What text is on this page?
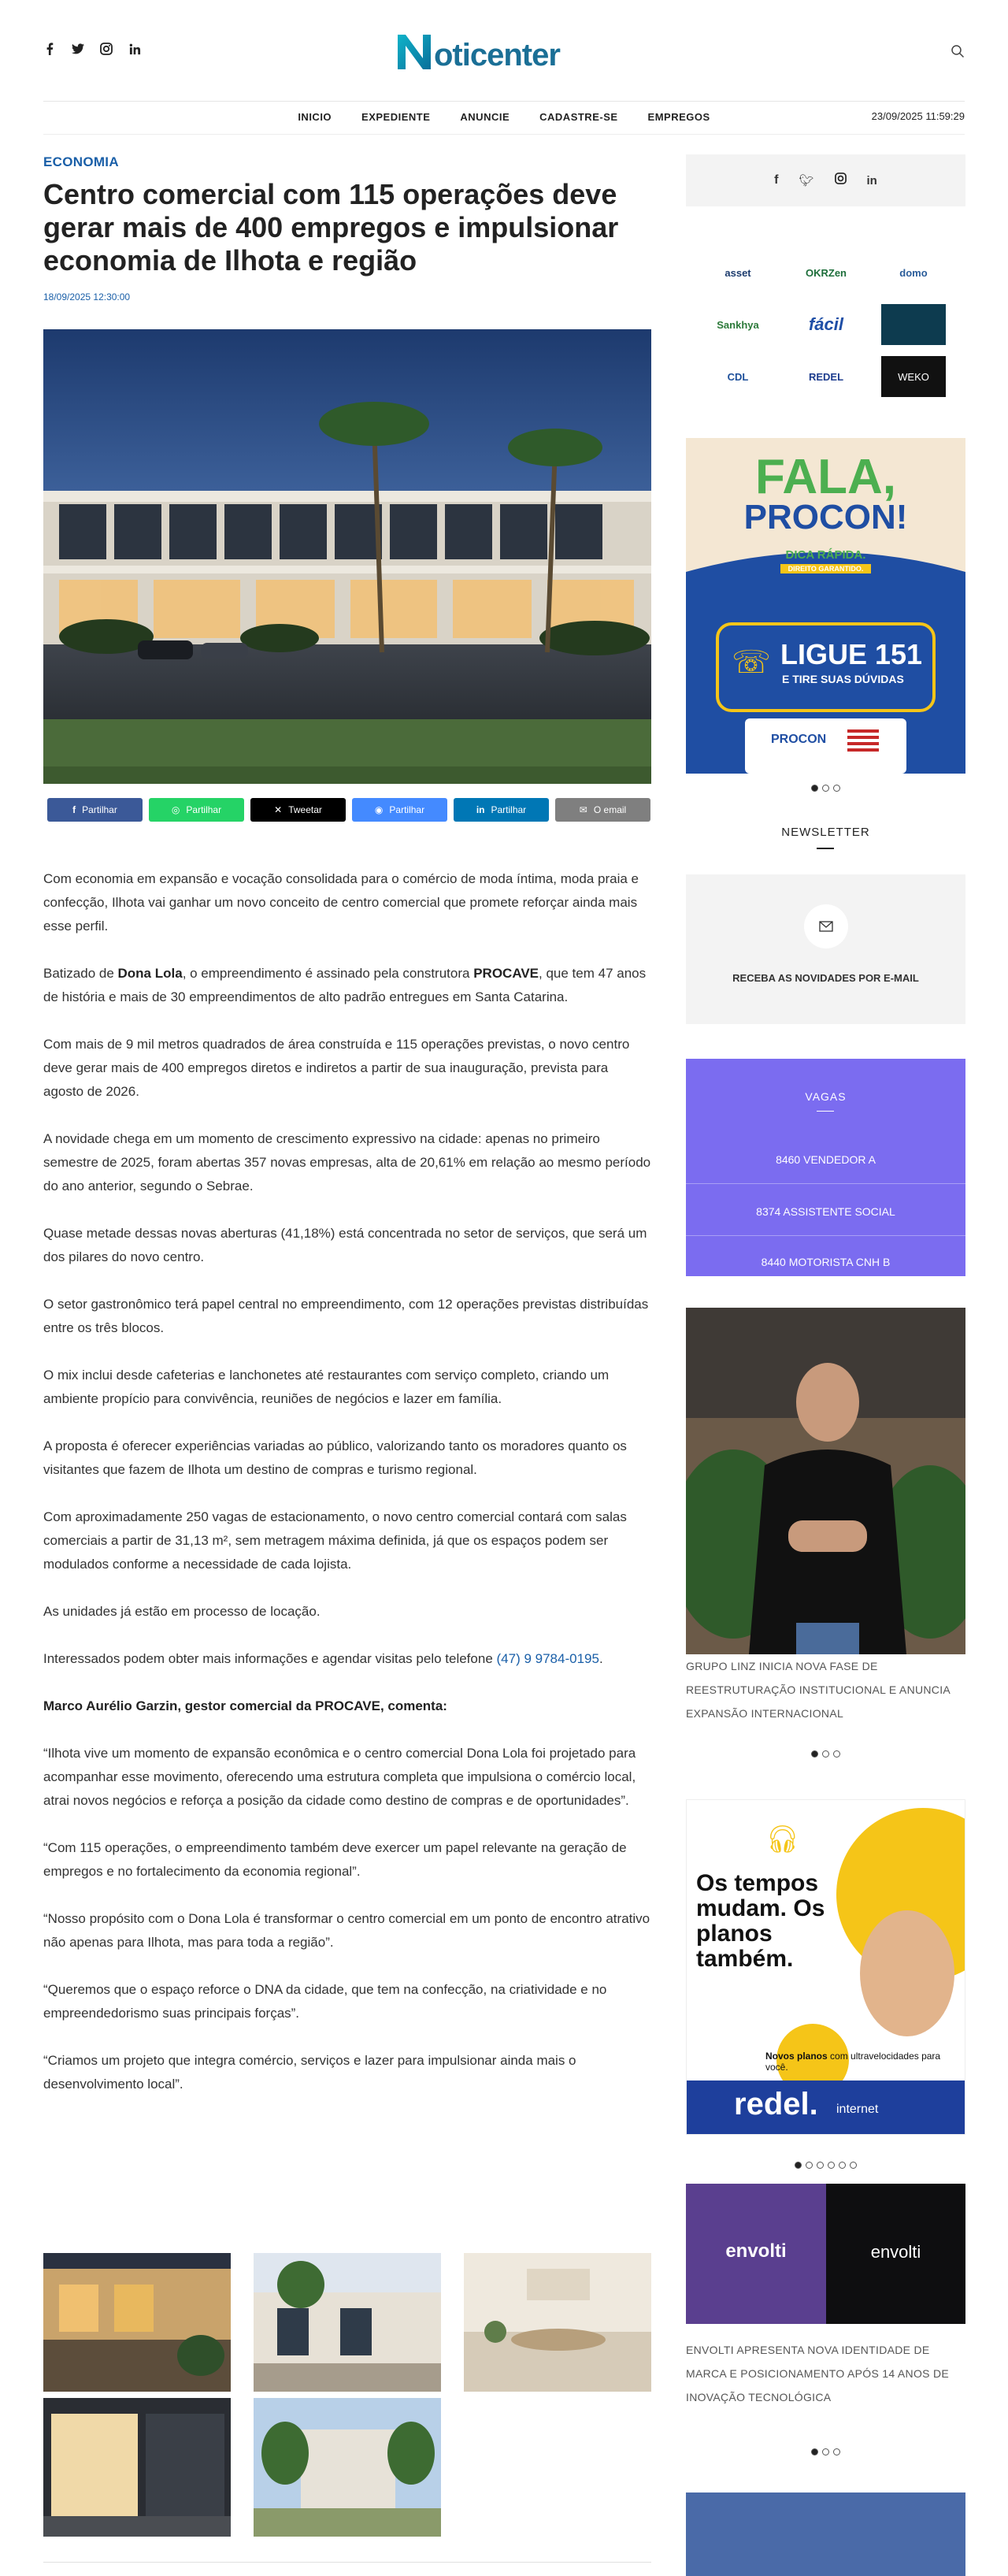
oticenter
INICIO	EXPEDIENTE	ANUNCIE	CADASTRE-SE	EMPREGOS	23/09/2025 11:59:29
ECONOMIA
Centro comercial com 115 operações deve gerar mais de 400 empregos e impulsionar economia de Ilhota e região
18/09/2025 12:30:00
f Partilhar	◎ Partilhar	✕ Tweetar	◉ Partilhar	in Partilhar	✉ O email

Com economia em expansão e vocação consolidada para o comércio de moda íntima, moda praia e confecção, Ilhota vai ganhar um novo conceito de centro comercial que promete reforçar ainda mais esse perfil.

Batizado de Dona Lola, o empreendimento é assinado pela construtora PROCAVE, que tem 47 anos de história e mais de 30 empreendimentos de alto padrão entregues em Santa Catarina.

Com mais de 9 mil metros quadrados de área construída e 115 operações previstas, o novo centro deve gerar mais de 400 empregos diretos e indiretos a partir de sua inauguração, prevista para agosto de 2026.

A novidade chega em um momento de crescimento expressivo na cidade: apenas no primeiro semestre de 2025, foram abertas 357 novas empresas, alta de 20,61% em relação ao mesmo período do ano anterior, segundo o Sebrae.

Quase metade dessas novas aberturas (41,18%) está concentrada no setor de serviços, que será um dos pilares do novo centro.

O setor gastronômico terá papel central no empreendimento, com 12 operações previstas distribuídas entre os três blocos.

O mix inclui desde cafeterias e lanchonetes até restaurantes com serviço completo, criando um ambiente propício para convivência, reuniões de negócios e lazer em família.

A proposta é oferecer experiências variadas ao público, valorizando tanto os moradores quanto os visitantes que fazem de Ilhota um destino de compras e turismo regional.

Com aproximadamente 250 vagas de estacionamento, o novo centro comercial contará com salas comerciais a partir de 31,13 m², sem metragem máxima definida, já que os espaços podem ser modulados conforme a necessidade de cada lojista.

As unidades já estão em processo de locação.

Interessados podem obter mais informações e agendar visitas pelo telefone (47) 9 9784-0195.

Marco Aurélio Garzin, gestor comercial da PROCAVE, comenta:

“Ilhota vive um momento de expansão econômica e o centro comercial Dona Lola foi projetado para acompanhar esse movimento, oferecendo uma estrutura completa que impulsiona o comércio local, atrai novos negócios e reforça a posição da cidade como destino de compras e de oportunidades”.

“Com 115 operações, o empreendimento também deve exercer um papel relevante na geração de empregos e no fortalecimento da economia regional”.

“Nosso propósito com o Dona Lola é transformar o centro comercial em um ponto de encontro atrativo não apenas para Ilhota, mas para toda a região”.

“Queremos que o espaço reforce o DNA da cidade, que tem na confecção, na criatividade e no empreendedorismo suas principais forças”.

“Criamos um projeto que integra comércio, serviços e lazer para impulsionar ainda mais o desenvolvimento local”.

f 🐦︎	in
asset	OKRZen	domo
Sankhya	fácil
CDL	REDEL	WEKO
FALA,
PROCON!
DICA RÁPIDA.
DIREITO GARANTIDO.
☏ LIGUE 151
E TIRE SUAS DÚVIDAS
PROCON
NEWSLETTER
RECEBA AS NOVIDADES POR E-MAIL
VAGAS
8460 VENDEDOR A
8374 ASSISTENTE SOCIAL
8440 MOTORISTA CNH B
GRUPO LINZ INICIA NOVA FASE DE REESTRUTURAÇÃO INSTITUCIONAL E ANUNCIA EXPANSÃO INTERNACIONAL
🎧︎
Os tempos mudam. Os planos também.
Novos planos com ultravelocidades para você.
redel. internet
envolti	envolti
ENVOLTI APRESENTA NOVA IDENTIDADE DE MARCA E POSICIONAMENTO APÓS 14 ANOS DE INOVAÇÃO TECNOLÓGICA
